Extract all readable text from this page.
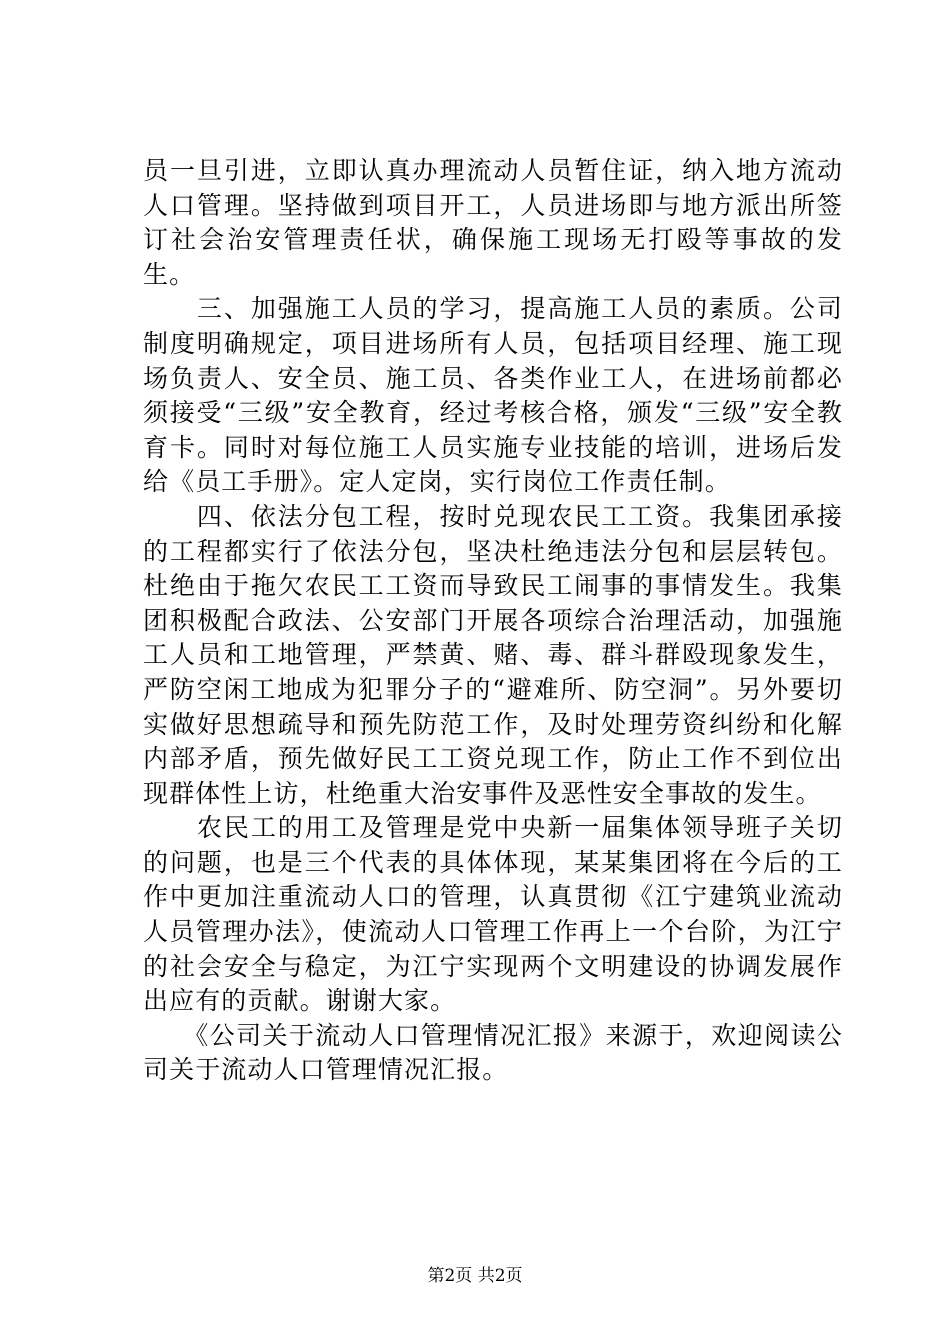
员一旦引进，立即认真办理流动人员暂住证，纳入地方流动人口管理。坚持做到项目开工，人员进场即与地方派出所签订社会治安管理责任状，确保施工现场无打殴等事故的发生。

　　三、加强施工人员的学习，提高施工人员的素质。公司制度明确规定，项目进场所有人员，包括项目经理、施工现场负责人、安全员、施工员、各类作业工人，在进场前都必须接受“三级”安全教育，经过考核合格，颁发“三级”安全教育卡。同时对每位施工人员实施专业技能的培训，进场后发给《员工手册》。定人定岗，实行岗位工作责任制。

　　四、依法分包工程，按时兑现农民工工资。我集团承接的工程都实行了依法分包，坚决杜绝违法分包和层层转包。杜绝由于拖欠农民工工资而导致民工闹事的事情发生。我集团积极配合政法、公安部门开展各项综合治理活动，加强施工人员和工地管理，严禁黄、赌、毒、群斗群殴现象发生，严防空闲工地成为犯罪分子的“避难所、防空洞”。另外要切实做好思想疏导和预先防范工作，及时处理劳资纠纷和化解内部矛盾，预先做好民工工资兑现工作，防止工作不到位出现群体性上访，杜绝重大治安事件及恶性安全事故的发生。

　　农民工的用工及管理是党中央新一届集体领导班子关切的问题，也是三个代表的具体体现，某某集团将在今后的工作中更加注重流动人口的管理，认真贯彻《江宁建筑业流动人员管理办法》，使流动人口管理工作再上一个台阶，为江宁的社会安全与稳定，为江宁实现两个文明建设的协调发展作出应有的贡献。谢谢大家。

　　《公司关于流动人口管理情况汇报》来源于，欢迎阅读公司关于流动人口管理情况汇报。

第2页 共2页
